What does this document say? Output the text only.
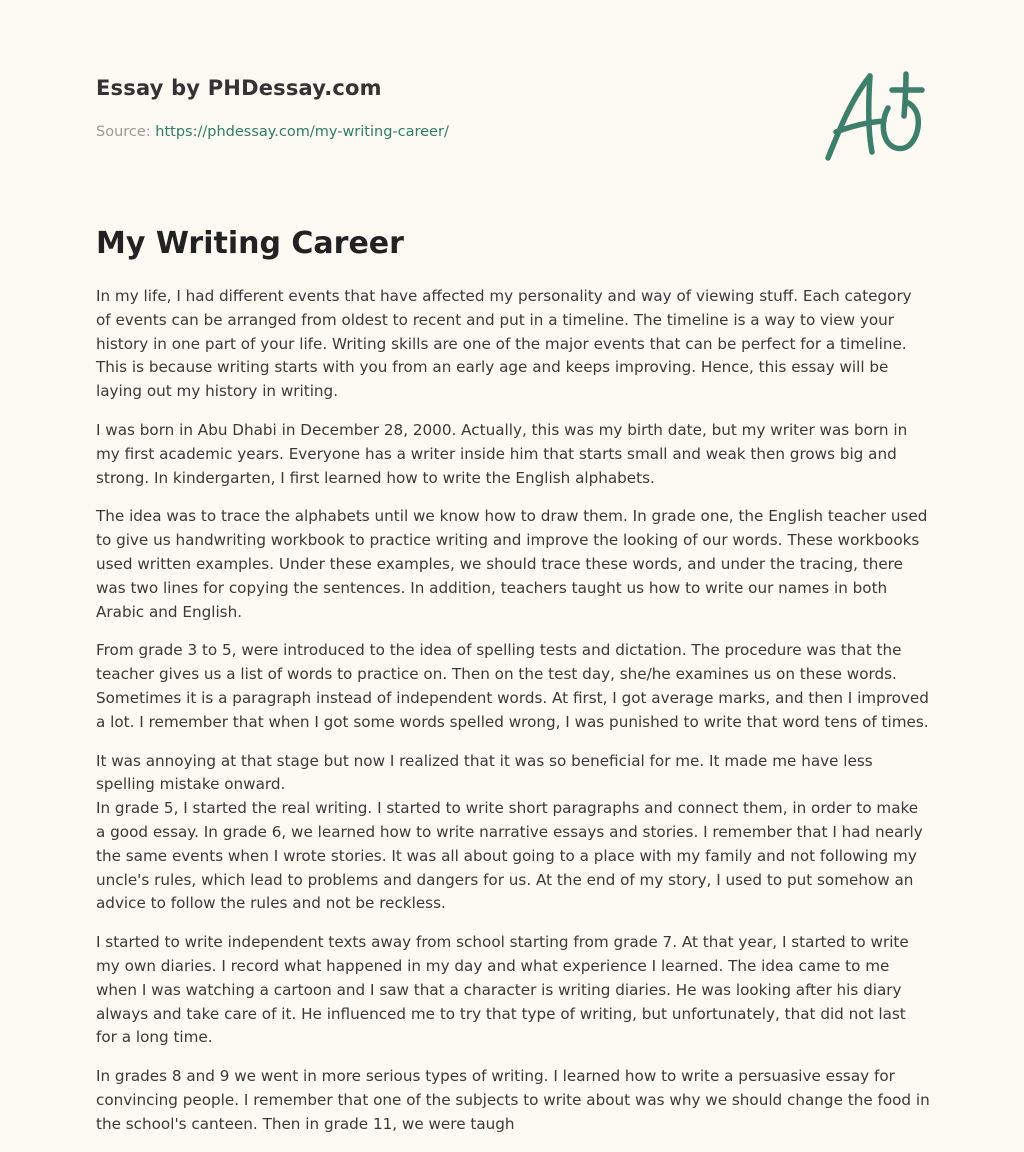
Essay by PHDessay.com
Source: https://phdessay.com/my-writing-career/
My Writing Career

In my life, I had different events that have affected my personality and way of viewing stuff. Each category of events can be arranged from oldest to recent and put in a timeline. The timeline is a way to view your history in one part of your life. Writing skills are one of the major events that can be perfect for a timeline. This is because writing starts with you from an early age and keeps improving. Hence, this essay will be laying out my history in writing.

I was born in Abu Dhabi in December 28, 2000. Actually, this was my birth date, but my writer was born in my first academic years. Everyone has a writer inside him that starts small and weak then grows big and strong. In kindergarten, I first learned how to write the English alphabets.

The idea was to trace the alphabets until we know how to draw them. In grade one, the English teacher used to give us handwriting workbook to practice writing and improve the looking of our words. These workbooks used written examples. Under these examples, we should trace these words, and under the tracing, there was two lines for copying the sentences. In addition, teachers taught us how to write our names in both Arabic and English.

From grade 3 to 5, were introduced to the idea of spelling tests and dictation. The procedure was that the teacher gives us a list of words to practice on. Then on the test day, she/he examines us on these words. Sometimes it is a paragraph instead of independent words. At first, I got average marks, and then I improved a lot. I remember that when I got some words spelled wrong, I was punished to write that word tens of times.

It was annoying at that stage but now I realized that it was so beneficial for me. It made me have less spelling mistake onward.
In grade 5, I started the real writing. I started to write short paragraphs and connect them, in order to make a good essay. In grade 6, we learned how to write narrative essays and stories. I remember that I had nearly the same events when I wrote stories. It was all about going to a place with my family and not following my uncle's rules, which lead to problems and dangers for us. At the end of my story, I used to put somehow an advice to follow the rules and not be reckless.

I started to write independent texts away from school starting from grade 7. At that year, I started to write my own diaries. I record what happened in my day and what experience I learned. The idea came to me when I was watching a cartoon and I saw that a character is writing diaries. He was looking after his diary always and take care of it. He influenced me to try that type of writing, but unfortunately, that did not last for a long time.

In grades 8 and 9 we went in more serious types of writing. I learned how to write a persuasive essay for convincing people. I remember that one of the subjects to write about was why we should change the food in the school's canteen. Then in grade 11, we were taugh
